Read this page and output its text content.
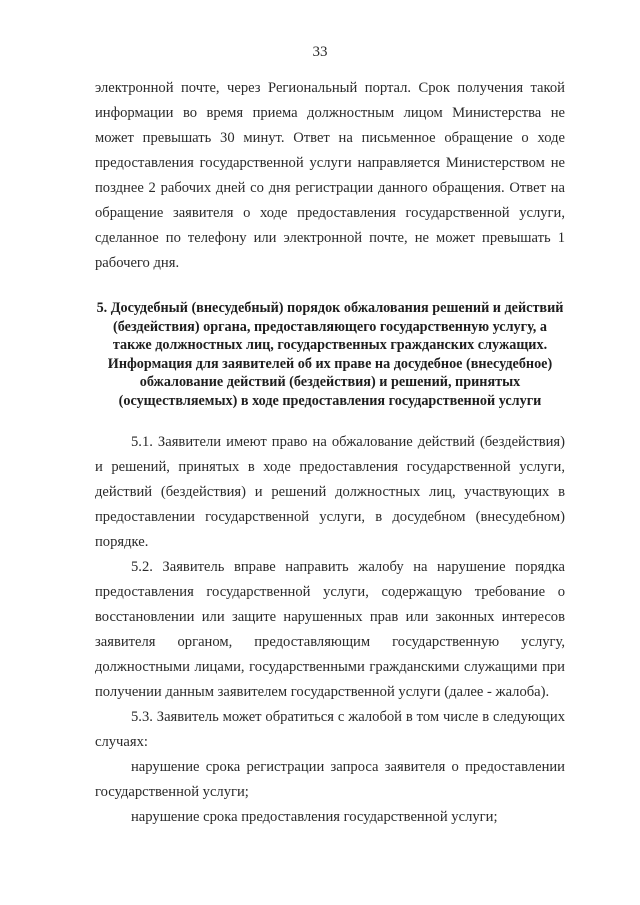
33

электронной почте, через Региональный портал. Срок получения такой информации во время приема должностным лицом Министерства не может превышать 30 минут. Ответ на письменное обращение о ходе предоставления государственной услуги направляется Министерством не позднее 2 рабочих дней со дня регистрации данного обращения. Ответ на обращение заявителя о ходе предоставления государственной услуги, сделанное по телефону или электронной почте, не может превышать 1 рабочего дня.

5. Досудебный (внесудебный) порядок обжалования решений и действий (бездействия) органа, предоставляющего государственную услугу, а также должностных лиц, государственных гражданских служащих. Информация для заявителей об их праве на досудебное (внесудебное) обжалование действий (бездействия) и решений, принятых (осуществляемых) в ходе предоставления государственной услуги

5.1. Заявители имеют право на обжалование действий (бездействия) и решений, принятых в ходе предоставления государственной услуги, действий (бездействия) и решений должностных лиц, участвующих в предоставлении государственной услуги, в досудебном (внесудебном) порядке.

5.2. Заявитель вправе направить жалобу на нарушение порядка предоставления государственной услуги, содержащую требование о восстановлении или защите нарушенных прав или законных интересов заявителя органом, предоставляющим государственную услугу, должностными лицами, государственными гражданскими служащими при получении данным заявителем государственной услуги (далее - жалоба).

5.3. Заявитель может обратиться с жалобой в том числе в следующих случаях:

нарушение срока регистрации запроса заявителя о предоставлении государственной услуги;

нарушение срока предоставления государственной услуги;
